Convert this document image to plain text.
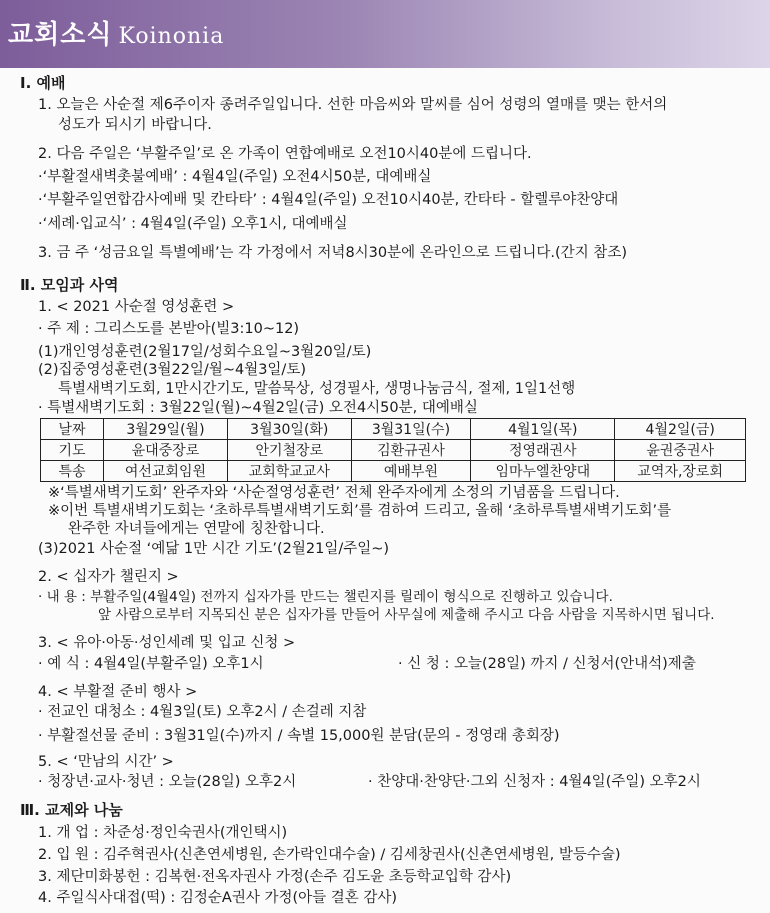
교회소식 Koinonia
Ⅰ. 예배
1. 오늘은 사순절 제6주이자 종려주일입니다. 선한 마음씨와 말씨를 심어 성령의 열매를 맺는 한서의
성도가 되시기 바랍니다.
2. 다음 주일은 ‘부활주일’로 온 가족이 연합예배로 오전10시40분에 드립니다.
·‘부활절새벽촛불예배’ : 4월4일(주일) 오전4시50분, 대예배실
·‘부활주일연합감사예배 및 칸타타’ : 4월4일(주일) 오전10시40분, 칸타타 - 할렐루야찬양대
·‘세례·입교식’ : 4월4일(주일) 오후1시, 대예배실
3. 금 주 ‘성금요일 특별예배’는 각 가정에서 저녁8시30분에 온라인으로 드립니다.(간지 참조)
Ⅱ. 모임과 사역
1. < 2021 사순절 영성훈련 >
· 주 제 : 그리스도를 본받아(빌3:10~12)
(1)개인영성훈련(2월17일/성회수요일~3월20일/토)
(2)집중영성훈련(3월22일/월~4월3일/토)
특별새벽기도회, 1만시간기도, 말씀묵상, 성경필사, 생명나눔금식, 절제, 1일1선행
· 특별새벽기도회 : 3월22일(월)~4월2일(금) 오전4시50분, 대예배실
날짜	3월29일(월)	3월30일(화)	3월31일(수)	4월1일(목)	4월2일(금)
기도	윤대중장로	안기철장로	김환규권사	정영래권사	윤권중권사
특송	여선교회임원	교회학교교사	예배부원	임마누엘찬양대	교역자,장로회
※‘특별새벽기도회’ 완주자와 ‘사순절영성훈련’ 전체 완주자에게 소정의 기념품을 드립니다.
※이번 특별새벽기도회는 ‘초하루특별새벽기도회’를 겸하여 드리고, 올해 ‘초하루특별새벽기도회’를
완주한 자녀들에게는 연말에 칭찬합니다.
(3)2021 사순절 ‘예닮 1만 시간 기도’(2월21일/주일~)
2. < 십자가 챌린지 >
· 내 용 : 부활주일(4월4일) 전까지 십자가를 만드는 챌린지를 릴레이 형식으로 진행하고 있습니다.
앞 사람으로부터 지목되신 분은 십자가를 만들어 사무실에 제출해 주시고 다음 사람을 지목하시면 됩니다.
3. < 유아·아동·성인세례 및 입교 신청 >
· 예 식 : 4월4일(부활주일) 오후1시	· 신 청 : 오늘(28일) 까지 / 신청서(안내석)제출
4. < 부활절 준비 행사 >
· 전교인 대청소 : 4월3일(토) 오후2시 / 손걸레 지참
· 부활절선물 준비 : 3월31일(수)까지 / 속별 15,000원 분담(문의 - 정영래 총회장)
5. < ‘만남의 시간’ >
· 청장년·교사·청년 : 오늘(28일) 오후2시	· 찬양대·찬양단·그외 신청자 : 4월4일(주일) 오후2시
Ⅲ. 교제와 나눔
1. 개 업 : 차준성·정인숙권사(개인택시)
2. 입 원 : 김주혁권사(신촌연세병원, 손가락인대수술) / 김세창권사(신촌연세병원, 발등수술)
3. 제단미화봉헌 : 김복현·전옥자권사 가정(손주 김도윤 초등학교입학 감사)
4. 주일식사대접(떡) : 김정순A권사 가정(아들 결혼 감사)
